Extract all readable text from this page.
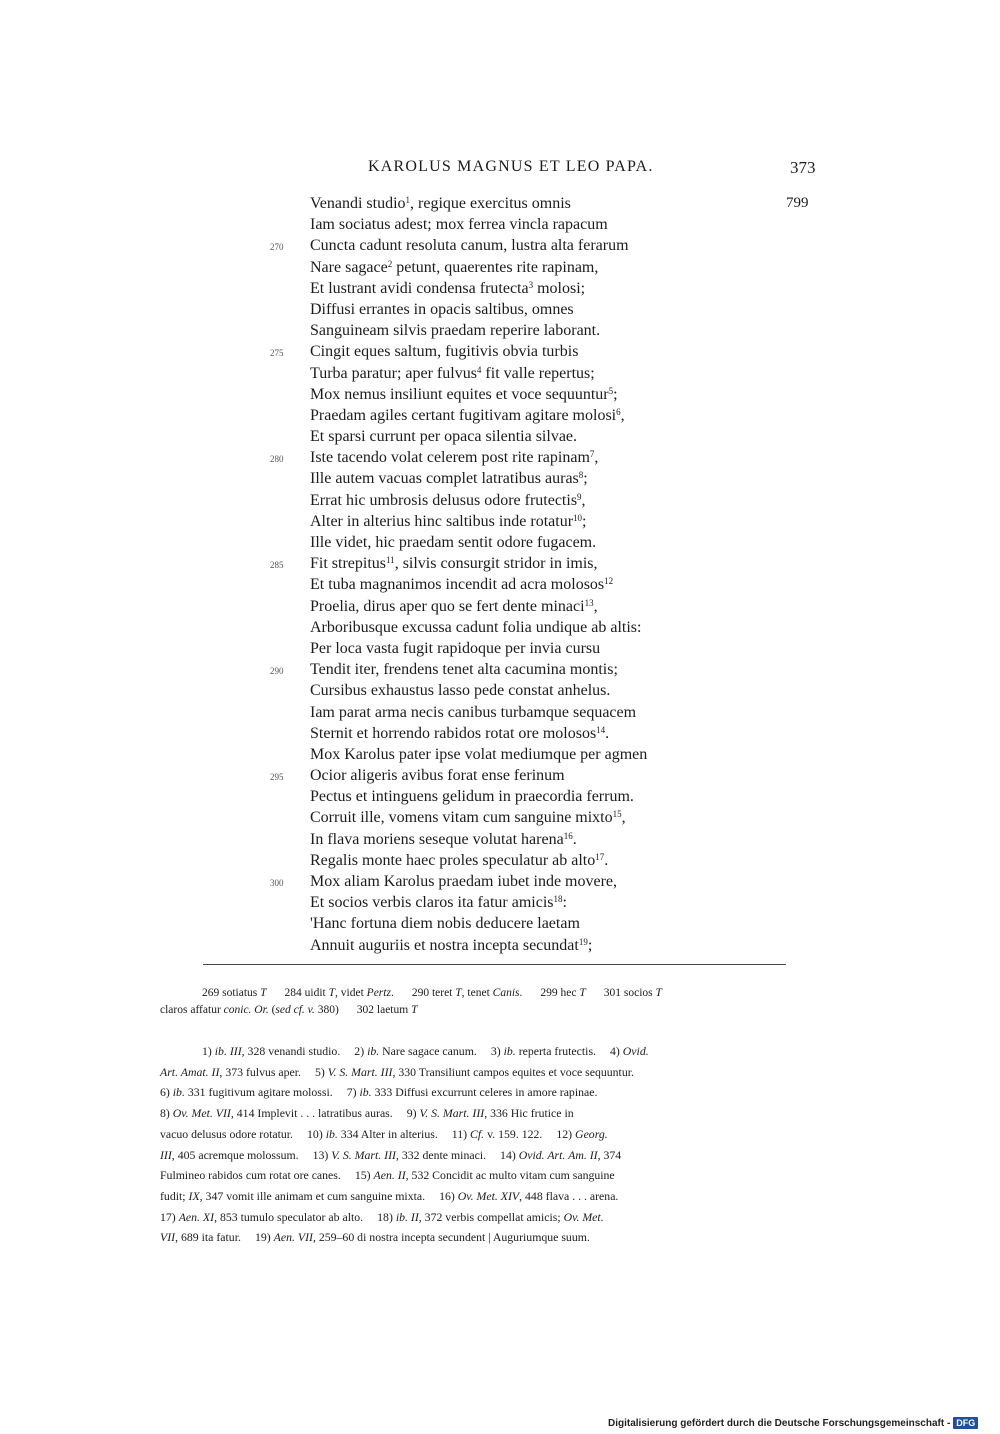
KAROLUS MAGNUS ET LEO PAPA.	373
Venandi studio$^1$, regique exercitus omnis	799
Iam sociatus adest; mox ferrea vincla rapacum
270	Cuncta cadunt resoluta canum, lustra alta ferarum
Nare sagace$^2$ petunt, quaerentes rite rapinam,
Et lustrant avidi condensa frutecta$^3$ molosi;
Diffusi errantes in opacis saltibus, omnes
Sanguineam silvis praedam reperire laborant.
275	Cingit eques saltum, fugitivis obvia turbis
Turba paratur; aper fulvus$^4$ fit valle repertus;
Mox nemus insiliunt equites et voce sequuntur$^5$;
Praedam agiles certant fugitivam agitare molosi$^6$,
Et sparsi currunt per opaca silentia silvae.
280	Iste tacendo volat celerem post rite rapinam$^7$,
Ille autem vacuas complet latratibus auras$^8$;
Errat hic umbrosis delusus odore frutectis$^9$,
Alter in alterius hinc saltibus inde rotatur$^{10}$;
Ille videt, hic praedam sentit odore fugacem.
285	Fit strepitus$^{11}$, silvis consurgit stridor in imis,
Et tuba magnanimos incendit ad acra molosos$^{12}$
Proelia, dirus aper quo se fert dente minaci$^{13}$,
Arboribusque excussa cadunt folia undique ab altis:
Per loca vasta fugit rapidoque per invia cursu
290	Tendit iter, frendens tenet alta cacumina montis;
Cursibus exhaustus lasso pede constat anhelus.
Iam parat arma necis canibus turbamque sequacem
Sternit et horrendo rabidos rotat ore molosos$^{14}$.
Mox Karolus pater ipse volat mediumque per agmen
295	Ocior aligeris avibus forat ense ferinum
Pectus et intinguens gelidum in praecordia ferrum.
Corruit ille, vomens vitam cum sanguine mixto$^{15}$,
In flava moriens seseque volutat harena$^{16}$.
Regalis monte haec proles speculatur ab alto$^{17}$.
300	Mox aliam Karolus praedam iubet inde movere,
Et socios verbis claros ita fatur amicis$^{18}$:
'Hanc fortuna diem nobis deducere laetam
Annuit auguriis et nostra incepta secundat$^{19}$;
269 sotiatus T 284 uidit T, videt Pertz. 290 teret T, tenet Canis. 299 hec T 301 socios T
claros affatur conic. Or. (sed cf. v. 380) 302 laetum T
1) ib. III, 328 venandi studio. 2) ib. Nare sagace canum. 3) ib. reperta frutectis. 4) Ovid.
Art. Amat. II, 373 fulvus aper. 5) V. S. Mart. III, 330 Transiliunt campos equites et voce sequuntur.
6) ib. 331 fugitivum agitare molossi. 7) ib. 333 Diffusi excurrunt celeres in amore rapinae.
8) Ov. Met. VII, 414 Implevit . . . latratibus auras. 9) V. S. Mart. III, 336 Hic frutice in
vacuo delusus odore rotatur. 10) ib. 334 Alter in alterius. 11) Cf. v. 159. 122. 12) Georg.
III, 405 acremque molossum. 13) V. S. Mart. III, 332 dente minaci. 14) Ovid. Art. Am. II, 374
Fulmineo rabidos cum rotat ore canes. 15) Aen. II, 532 Concidit ac multo vitam cum sanguine
fudit; IX, 347 vomit ille animam et cum sanguine mixta. 16) Ov. Met. XIV, 448 flava . . . arena.
17) Aen. XI, 853 tumulo speculator ab alto. 18) ib. II, 372 verbis compellat amicis; Ov. Met.
VII, 689 ita fatur. 19) Aen. VII, 259–60 di nostra incepta secundent | Auguriumque suum.
Digitalisierung gefördert durch die Deutsche Forschungsgemeinschaft - DFG
